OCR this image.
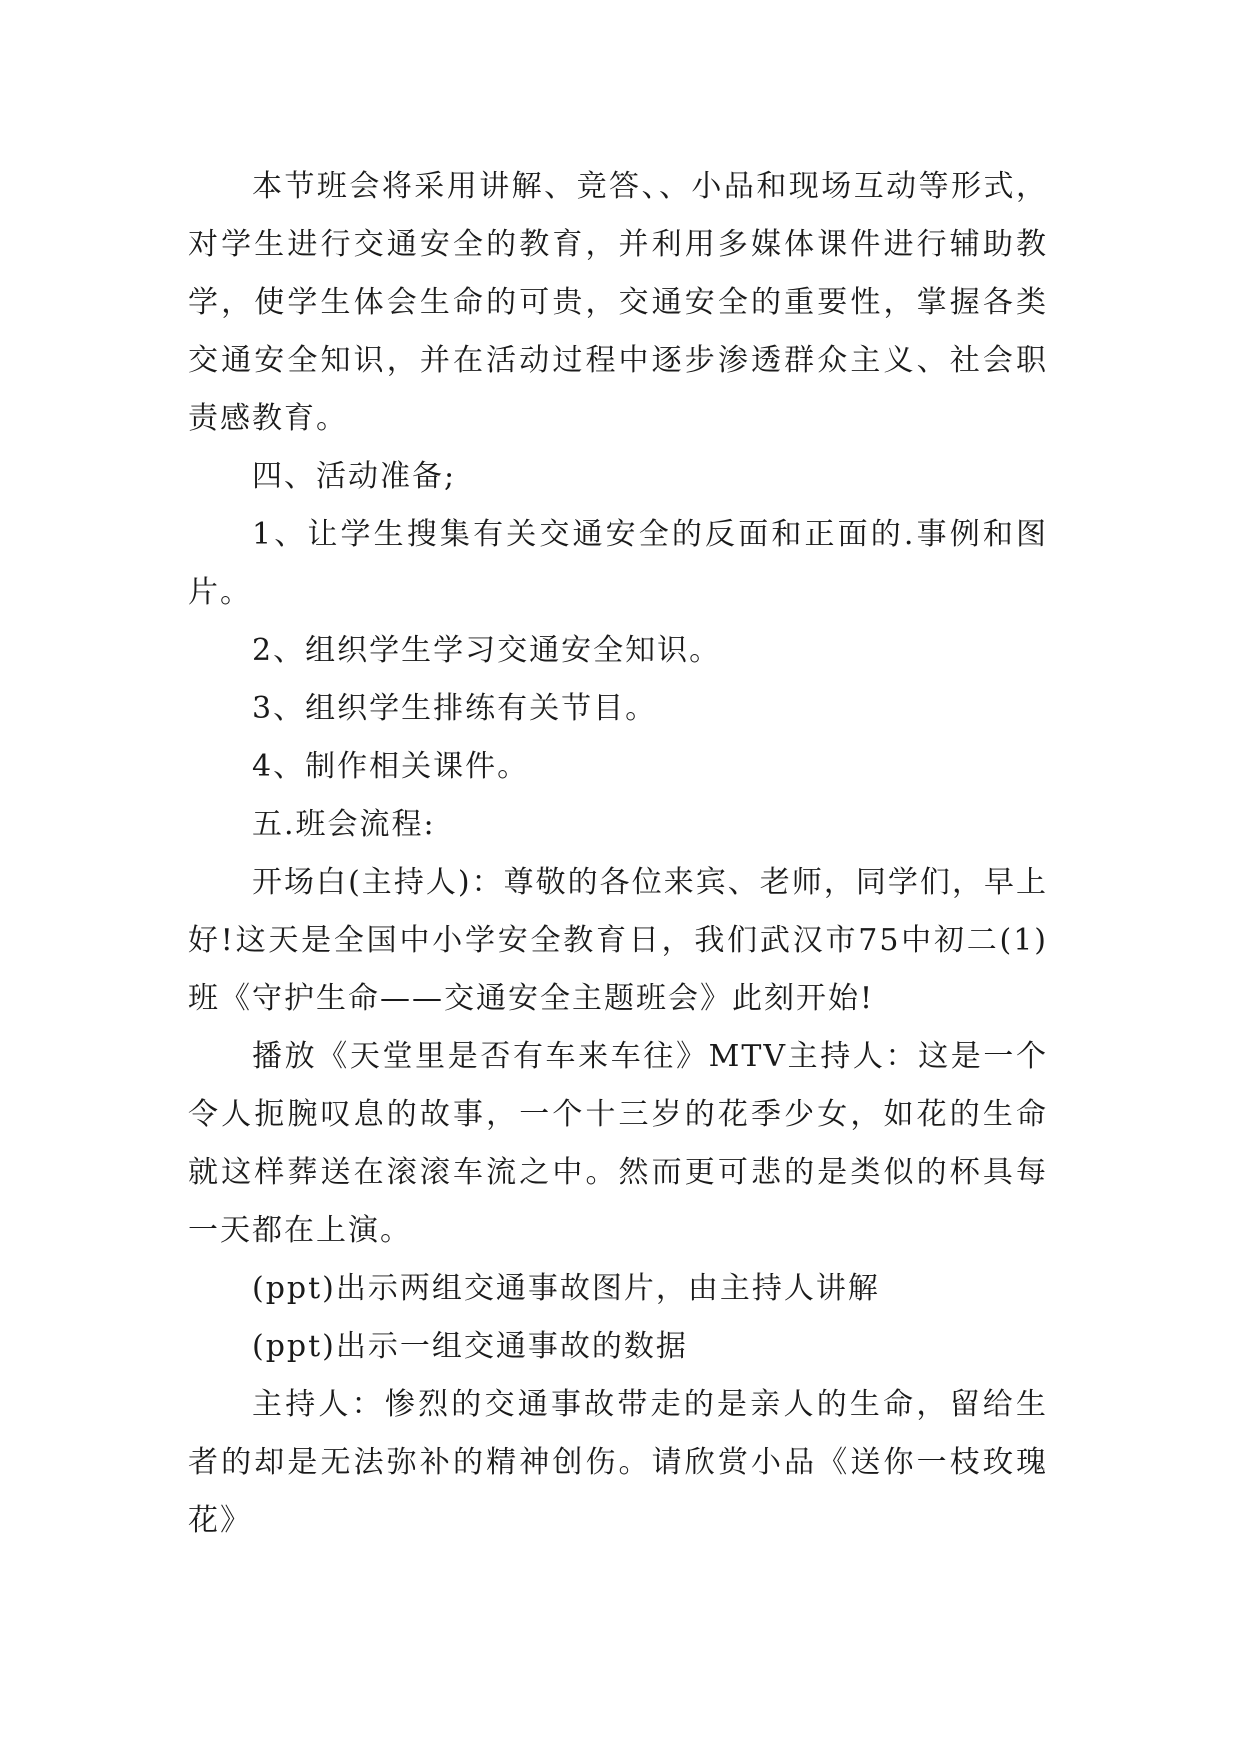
本节班会将采用讲解、竞答、、小品和现场互动等形式，对学生进行交通安全的教育，并利用多媒体课件进行辅助教学，使学生体会生命的可贵，交通安全的重要性，掌握各类交通安全知识，并在活动过程中逐步渗透群众主义、社会职责感教育。

四、活动准备;

1、让学生搜集有关交通安全的反面和正面的.事例和图片。

2、组织学生学习交通安全知识。

3、组织学生排练有关节目。

4、制作相关课件。

五.班会流程:

开场白(主持人)：尊敬的各位来宾、老师，同学们，早上好!这天是全国中小学安全教育日，我们武汉市75中初二(1)班《守护生命——交通安全主题班会》此刻开始!

播放《天堂里是否有车来车往》MTV主持人：这是一个令人扼腕叹息的故事，一个十三岁的花季少女，如花的生命就这样葬送在滚滚车流之中。然而更可悲的是类似的杯具每一天都在上演。

(ppt)出示两组交通事故图片，由主持人讲解

(ppt)出示一组交通事故的数据

主持人：惨烈的交通事故带走的是亲人的生命，留给生者的却是无法弥补的精神创伤。请欣赏小品《送你一枝玫瑰花》
